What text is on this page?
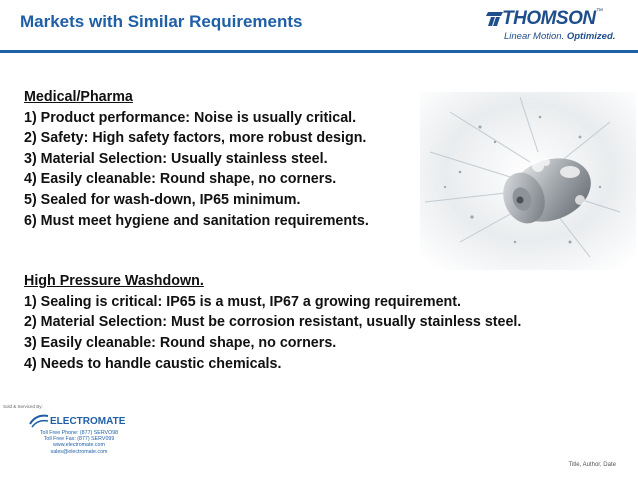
Markets with Similar Requirements	THOMSON ™
Linear Motion. Optimized.
Medical/Pharma
1) Product performance: Noise is usually critical.
2) Safety: High safety factors, more robust design.
3) Material Selection: Usually stainless steel.
4) Easily cleanable: Round shape, no corners.
5) Sealed for wash-down, IP65 minimum.
6) Must meet hygiene and sanitation requirements.
High Pressure Washdown.
1) Sealing is critical: IP65 is a must, IP67 a growing requirement.
2) Material Selection: Must be corrosion resistant, usually stainless steel.
3) Easily cleanable: Round shape, no corners.
4) Needs to handle caustic chemicals.
Sold & Serviced By:
ELECTROMATE
Toll Free Phone: (877) SERVO98
Toll Free Fax: (877) SERV099
www.electromate.com
sales@electromate.com
Title, Author, Date
